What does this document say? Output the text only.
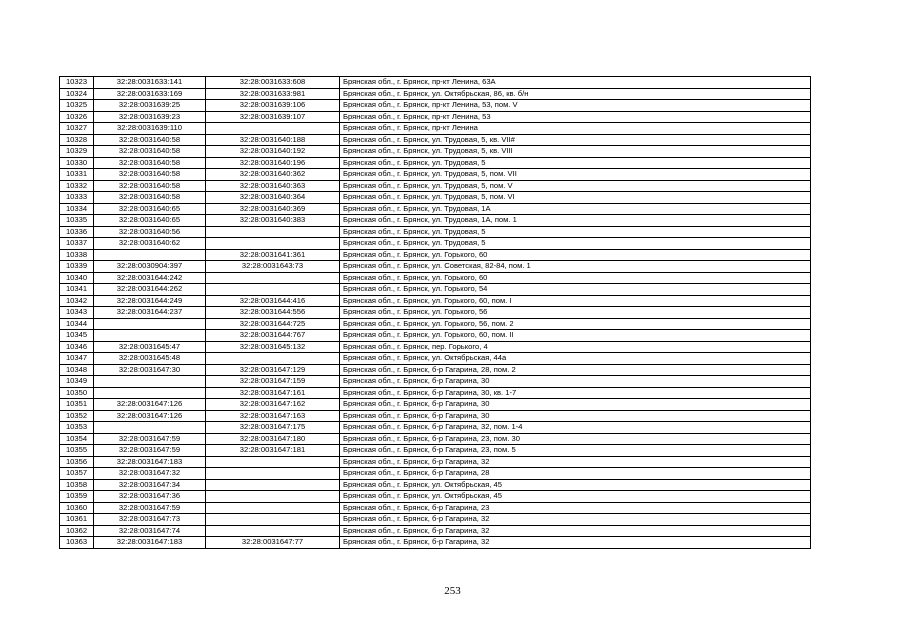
10323	32:28:0031633:141	32:28:0031633:608	Брянская обл., г. Брянск, пр-кт Ленина, 63А
10324	32:28:0031633:169	32:28:0031633:981	Брянская обл., г. Брянск, ул. Октябрьская, 86, кв. б/н
10325	32:28:0031639:25	32:28:0031639:106	Брянская обл., г. Брянск, пр-кт Ленина, 53, пом. V
10326	32:28:0031639:23	32:28:0031639:107	Брянская обл., г. Брянск, пр-кт Ленина, 53
10327	32:28:0031639:110		Брянская обл., г. Брянск, пр-кт Ленина
10328	32:28:0031640:58	32:28:0031640:188	Брянская обл., г. Брянск, ул. Трудовая, 5, кв. VII#
10329	32:28:0031640:58	32:28:0031640:192	Брянская обл., г. Брянск, ул. Трудовая, 5, кв. VIII
10330	32:28:0031640:58	32:28:0031640:196	Брянская обл., г. Брянск, ул. Трудовая, 5
10331	32:28:0031640:58	32:28:0031640:362	Брянская обл., г. Брянск, ул. Трудовая, 5, пом. VII
10332	32:28:0031640:58	32:28:0031640:363	Брянская обл., г. Брянск, ул. Трудовая, 5, пом. V
10333	32:28:0031640:58	32:28:0031640:364	Брянская обл., г. Брянск, ул. Трудовая, 5, пом. VI
10334	32:28:0031640:65	32:28:0031640:369	Брянская обл., г. Брянск, ул. Трудовая, 1А
10335	32:28:0031640:65	32:28:0031640:383	Брянская обл., г. Брянск, ул. Трудовая, 1А, пом. 1
10336	32:28:0031640:56		Брянская обл., г. Брянск, ул. Трудовая, 5
10337	32:28:0031640:62		Брянская обл., г. Брянск, ул. Трудовая, 5
10338		32:28:0031641:361	Брянская обл., г. Брянск, ул. Горького, 60
10339	32:28:0030904:397	32:28:0031643:73	Брянская обл., г. Брянск, ул. Советская, 82-84, пом. 1
10340	32:28:0031644:242		Брянская обл., г. Брянск, ул. Горького, 60
10341	32:28:0031644:262		Брянская обл., г. Брянск, ул. Горького, 54
10342	32:28:0031644:249	32:28:0031644:416	Брянская обл., г. Брянск, ул. Горького, 60, пом. I
10343	32:28:0031644:237	32:28:0031644:556	Брянская обл., г. Брянск, ул. Горького, 56
10344		32:28:0031644:725	Брянская обл., г. Брянск, ул. Горького, 56, пом. 2
10345		32:28:0031644:767	Брянская обл., г. Брянск, ул. Горького, 60, пом. II
10346	32:28:0031645:47	32:28:0031645:132	Брянская обл., г. Брянск, пер. Горького, 4
10347	32:28:0031645:48		Брянская обл., г. Брянск, ул. Октябрьская, 44а
10348	32:28:0031647:30	32:28:0031647:129	Брянская обл., г. Брянск, б-р Гагарина, 28, пом. 2
10349		32:28:0031647:159	Брянская обл., г. Брянск, б-р Гагарина, 30
10350		32:28:0031647:161	Брянская обл., г. Брянск, б-р Гагарина, 30, кв. 1-7
10351	32:28:0031647:126	32:28:0031647:162	Брянская обл., г. Брянск, б-р Гагарина, 30
10352	32:28:0031647:126	32:28:0031647:163	Брянская обл., г. Брянск, б-р Гагарина, 30
10353		32:28:0031647:175	Брянская обл., г. Брянск, б-р Гагарина, 32, пом. 1-4
10354	32:28:0031647:59	32:28:0031647:180	Брянская обл., г. Брянск, б-р Гагарина, 23, пом. 30
10355	32:28:0031647:59	32:28:0031647:181	Брянская обл., г. Брянск, б-р Гагарина, 23, пом. 5
10356	32:28:0031647:183		Брянская обл., г. Брянск, б-р Гагарина, 32
10357	32:28:0031647:32		Брянская обл., г. Брянск, б-р Гагарина, 28
10358	32:28:0031647:34		Брянская обл., г. Брянск, ул. Октябрьская, 45
10359	32:28:0031647:36		Брянская обл., г. Брянск, ул. Октябрьская, 45
10360	32:28:0031647:59		Брянская обл., г. Брянск, б-р Гагарина, 23
10361	32:28:0031647:73		Брянская обл., г. Брянск, б-р Гагарина, 32
10362	32:28:0031647:74		Брянская обл., г. Брянск, б-р Гагарина, 32
10363	32:28:0031647:183	32:28:0031647:77	Брянская обл., г. Брянск, б-р Гагарина, 32
253
